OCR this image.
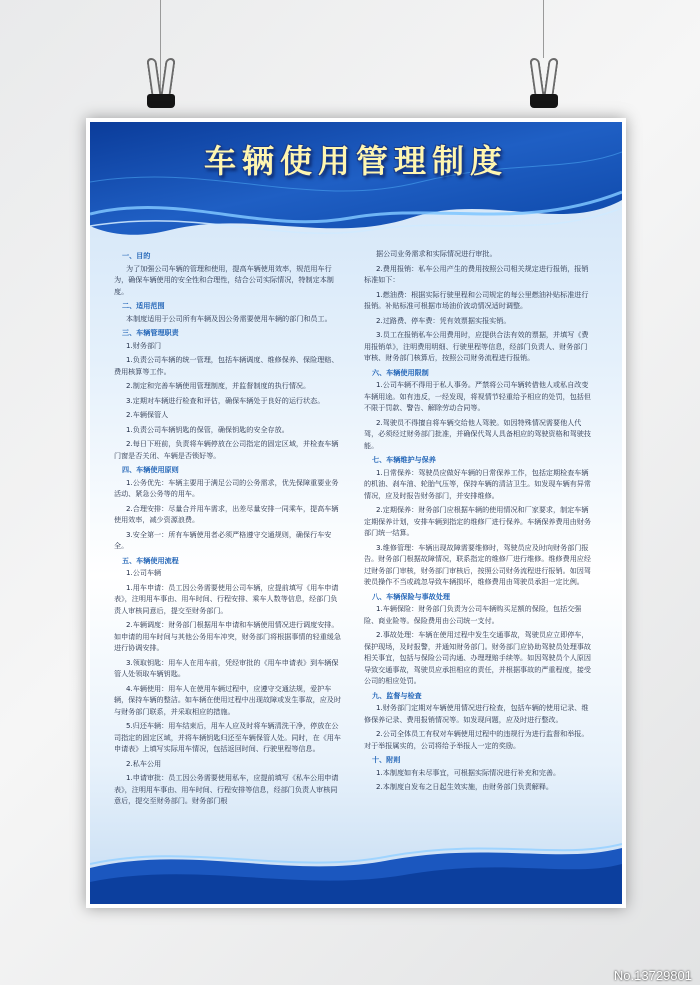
车辆使用管理制度
一、目的
为了加强公司车辆的管理和使用，提高车辆使用效率，规范用车行为，确保车辆使用的安全性和合理性，结合公司实际情况，特制定本制度。
二、适用范围
本制度适用于公司所有车辆及因公务需要使用车辆的部门和员工。
三、车辆管理职责
1.财务部门
1.负责公司车辆的统一管理，包括车辆调度、维修保养、保险理赔、费用核算等工作。
2.制定和完善车辆使用管理制度，并监督制度的执行情况。
3.定期对车辆进行检查和评估，确保车辆处于良好的运行状态。
2.车辆保管人
1.负责公司车辆钥匙的保管，确保钥匙的安全存放。
2.每日下班前，负责将车辆停放在公司指定的固定区域，并检查车辆门窗是否关闭、车辆是否锁好等。
四、车辆使用原则
1.公务优先：车辆主要用于满足公司的公务需求，优先保障重要业务活动、紧急公务等的用车。
2.合理安排：尽量合并用车需求，出差尽量安排一同乘车，提高车辆使用效率，减少资源浪费。
3.安全第一：所有车辆使用者必须严格遵守交通规则，确保行车安全。
五、车辆使用流程
1.公司车辆
1.用车申请：员工因公务需要使用公司车辆，应提前填写《用车申请表》，注明用车事由、用车时间、行程安排、乘车人数等信息，经部门负责人审核同意后，提交至财务部门。
2.车辆调度：财务部门根据用车申请和车辆使用情况进行调度安排。如申请的用车时间与其他公务用车冲突，财务部门将根据事情的轻重缓急进行协调安排。
3.领取钥匙：用车人在用车前，凭经审批的《用车申请表》到车辆保管人处领取车辆钥匙。
4.车辆使用：用车人在使用车辆过程中，应遵守交通法规，爱护车辆，保持车辆的整洁。如车辆在使用过程中出现故障或发生事故，应及时与财务部门联系，并采取相应的措施。
5.归还车辆：用车结束后，用车人应及时将车辆清洗干净，停放在公司指定的固定区域，并将车辆钥匙归还至车辆保管人处。同时，在《用车申请表》上填写实际用车情况，包括返回时间、行驶里程等信息。
2.私车公用
1.申请审批：员工因公务需要使用私车，应提前填写《私车公用申请表》，注明用车事由、用车时间、行程安排等信息，经部门负责人审核同意后，提交至财务部门。财务部门根
据公司业务需求和实际情况进行审批。
2.费用报销：私车公用产生的费用按照公司相关规定进行报销，报销标准如下：
1.燃油费：根据实际行驶里程和公司规定的每公里燃油补贴标准进行报销。补贴标准可根据市场油价波动情况适时调整。
2.过路费、停车费：凭有效票据实报实销。
3.员工在报销私车公用费用时，应提供合法有效的票据，并填写《费用报销单》，注明费用明细、行驶里程等信息，经部门负责人、财务部门审核、财务部门核算后，按照公司财务流程进行报销。
六、车辆使用限制
1.公司车辆不得用于私人事务。严禁将公司车辆转借他人或私自改变车辆用途。如有违反，一经发现，将视情节轻重给予相应的处罚，包括但不限于罚款、警告、解除劳动合同等。
2.驾驶员不得擅自将车辆交给他人驾驶。如因特殊情况需要他人代驾，必须经过财务部门批准，并确保代驾人具备相应的驾驶资格和驾驶技能。
七、车辆维护与保养
1.日常保养：驾驶员应做好车辆的日常保养工作，包括定期检查车辆的机油、刹车油、轮胎气压等，保持车辆的清洁卫生。如发现车辆有异常情况，应及时报告财务部门，并安排维修。
2.定期保养：财务部门应根据车辆的使用情况和厂家要求，制定车辆定期保养计划，安排车辆到指定的维修厂进行保养。车辆保养费用由财务部门统一结算。
3.维修管理：车辆出现故障需要维修时，驾驶员应及时向财务部门报告。财务部门根据故障情况，联系指定的维修厂进行维修。维修费用应经过财务部门审核，财务部门审核后，按照公司财务流程进行报销。如因驾驶员操作不当或疏忽导致车辆损坏，维修费用由驾驶员承担一定比例。
八、车辆保险与事故处理
1.车辆保险：财务部门负责为公司车辆购买足额的保险，包括交强险、商业险等。保险费用由公司统一支付。
2.事故处理：车辆在使用过程中发生交通事故，驾驶员应立即停车，保护现场，及时报警，并通知财务部门。财务部门应协助驾驶员处理事故相关事宜，包括与保险公司沟通、办理理赔手续等。如因驾驶员个人原因导致交通事故，驾驶员应承担相应的责任，并根据事故的严重程度，接受公司的相应处罚。
九、监督与检查
1.财务部门定期对车辆使用情况进行检查，包括车辆的使用记录、维修保养记录、费用报销情况等。如发现问题，应及时进行整改。
2.公司全体员工有权对车辆使用过程中的违规行为进行监督和举报。对于举报属实的，公司将给予举报人一定的奖励。
十、附则
1.本制度如有未尽事宜，可根据实际情况进行补充和完善。
2.本制度自发布之日起生效实施，由财务部门负责解释。
No.13729801
